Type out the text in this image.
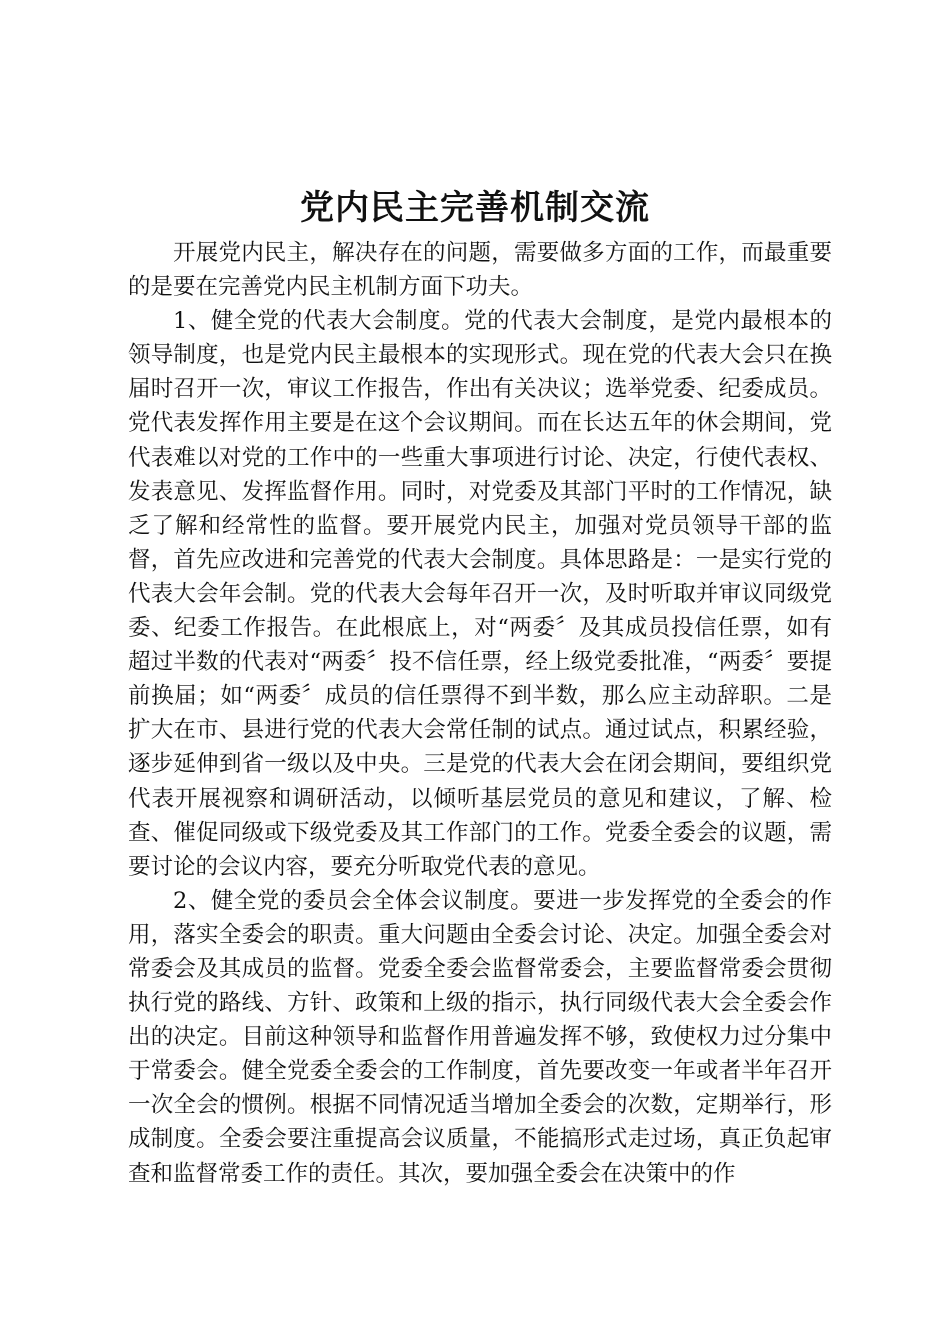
党内民主完善机制交流

开展党内民主，解决存在的问题，需要做多方面的工作，而最重要的是要在完善党内民主机制方面下功夫。

1、健全党的代表大会制度。党的代表大会制度，是党内最根本的领导制度，也是党内民主最根本的实现形式。现在党的代表大会只在换届时召开一次，审议工作报告，作出有关决议；选举党委、纪委成员。党代表发挥作用主要是在这个会议期间。而在长达五年的休会期间，党代表难以对党的工作中的一些重大事项进行讨论、决定，行使代表权、发表意见、发挥监督作用。同时，对党委及其部门平时的工作情况，缺乏了解和经常性的监督。要开展党内民主，加强对党员领导干部的监督，首先应改进和完善党的代表大会制度。具体思路是：一是实行党的代表大会年会制。党的代表大会每年召开一次，及时听取并审议同级党委、纪委工作报告。在此根底上，对“两委〞及其成员投信任票，如有超过半数的代表对“两委〞投不信任票，经上级党委批准，“两委〞要提前换届；如“两委〞成员的信任票得不到半数，那么应主动辞职。二是扩大在市、县进行党的代表大会常任制的试点。通过试点，积累经验，逐步延伸到省一级以及中央。三是党的代表大会在闭会期间，要组织党代表开展视察和调研活动，以倾听基层党员的意见和建议，了解、检查、催促同级或下级党委及其工作部门的工作。党委全委会的议题，需要讨论的会议内容，要充分听取党代表的意见。

2、健全党的委员会全体会议制度。要进一步发挥党的全委会的作用，落实全委会的职责。重大问题由全委会讨论、决定。加强全委会对常委会及其成员的监督。党委全委会监督常委会，主要监督常委会贯彻执行党的路线、方针、政策和上级的指示，执行同级代表大会全委会作出的决定。目前这种领导和监督作用普遍发挥不够，致使权力过分集中于常委会。健全党委全委会的工作制度，首先要改变一年或者半年召开一次全会的惯例。根据不同情况适当增加全委会的次数，定期举行，形成制度。全委会要注重提高会议质量，不能搞形式走过场，真正负起审查和监督常委工作的责任。其次，要加强全委会在决策中的作
